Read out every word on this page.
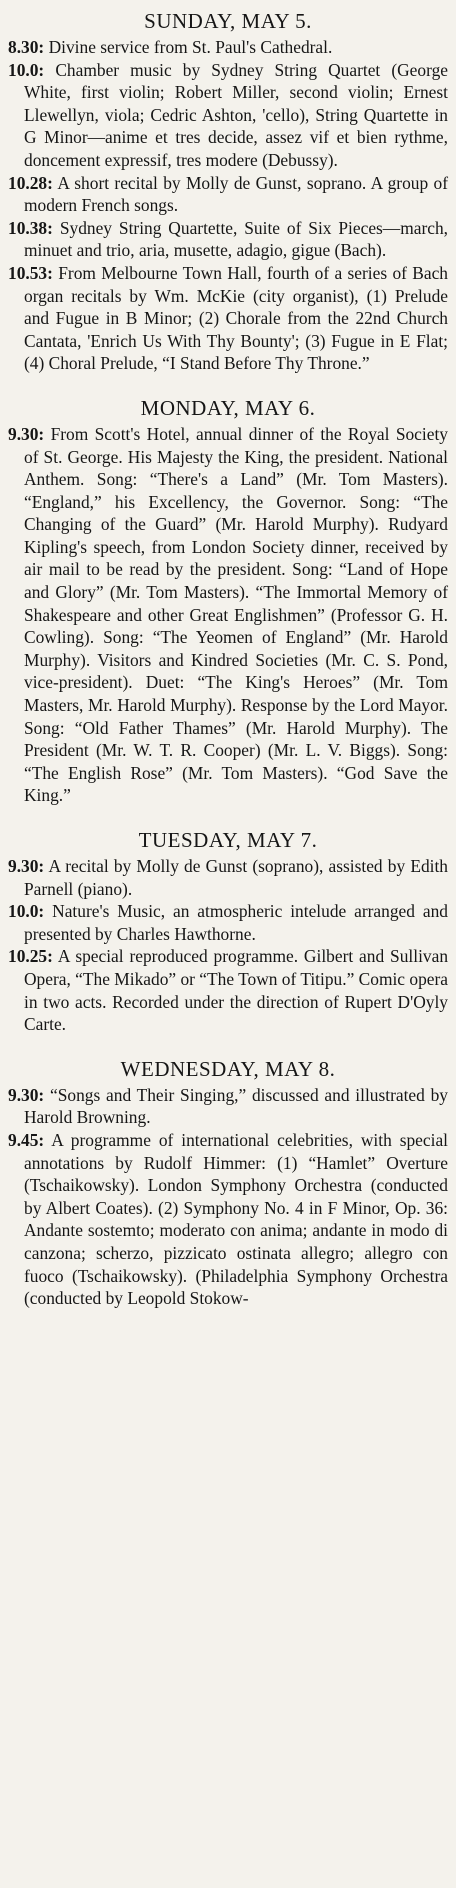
SUNDAY, MAY 5.

8.30: Divine service from St. Paul's Cathedral.

10.0: Chamber music by Sydney String Quartet (George White, first violin; Robert Miller, second violin; Ernest Llewellyn, viola; Cedric Ashton, 'cello), String Quartette in G Minor—anime et tres decide, assez vif et bien rythme, doncement expressif, tres modere (Debussy).

10.28: A short recital by Molly de Gunst, soprano. A group of modern French songs.

10.38: Sydney String Quartette, Suite of Six Pieces—march, minuet and trio, aria, musette, adagio, gigue (Bach).

10.53: From Melbourne Town Hall, fourth of a series of Bach organ recitals by Wm. McKie (city organist), (1) Prelude and Fugue in B Minor; (2) Chorale from the 22nd Church Cantata, 'Enrich Us With Thy Bounty'; (3) Fugue in E Flat; (4) Choral Prelude, “I Stand Before Thy Throne.”

MONDAY, MAY 6.

9.30: From Scott's Hotel, annual dinner of the Royal Society of St. George. His Majesty the King, the president. National Anthem. Song: “There's a Land” (Mr. Tom Masters). “England,” his Excellency, the Governor. Song: “The Changing of the Guard” (Mr. Harold Murphy). Rudyard Kipling's speech, from London Society dinner, received by air mail to be read by the president. Song: “Land of Hope and Glory” (Mr. Tom Masters). “The Immortal Memory of Shakespeare and other Great Englishmen” (Professor G. H. Cowling). Song: “The Yeomen of England” (Mr. Harold Murphy). Visitors and Kindred Societies (Mr. C. S. Pond, vice-president). Duet: “The King's Heroes” (Mr. Tom Masters, Mr. Harold Murphy). Response by the Lord Mayor. Song: “Old Father Thames” (Mr. Harold Murphy). The President (Mr. W. T. R. Cooper) (Mr. L. V. Biggs). Song: “The English Rose” (Mr. Tom Masters). “God Save the King.”

TUESDAY, MAY 7.

9.30: A recital by Molly de Gunst (soprano), assisted by Edith Parnell (piano).

10.0: Nature's Music, an atmospheric intelude arranged and presented by Charles Hawthorne.

10.25: A special reproduced programme. Gilbert and Sullivan Opera, “The Mikado” or “The Town of Titipu.” Comic opera in two acts. Recorded under the direction of Rupert D'Oyly Carte.

WEDNESDAY, MAY 8.

9.30: “Songs and Their Singing,” discussed and illustrated by Harold Browning.

9.45: A programme of international celebrities, with special annotations by Rudolf Himmer: (1) “Hamlet” Overture (Tschaikowsky). London Symphony Orchestra (conducted by Albert Coates). (2) Symphony No. 4 in F Minor, Op. 36: Andante sostemto; moderato con anima; andante in modo di canzona; scherzo, pizzicato ostinata allegro; allegro con fuoco (Tschaikowsky). (Philadelphia Symphony Orchestra (conducted by Leopold Stokow-
